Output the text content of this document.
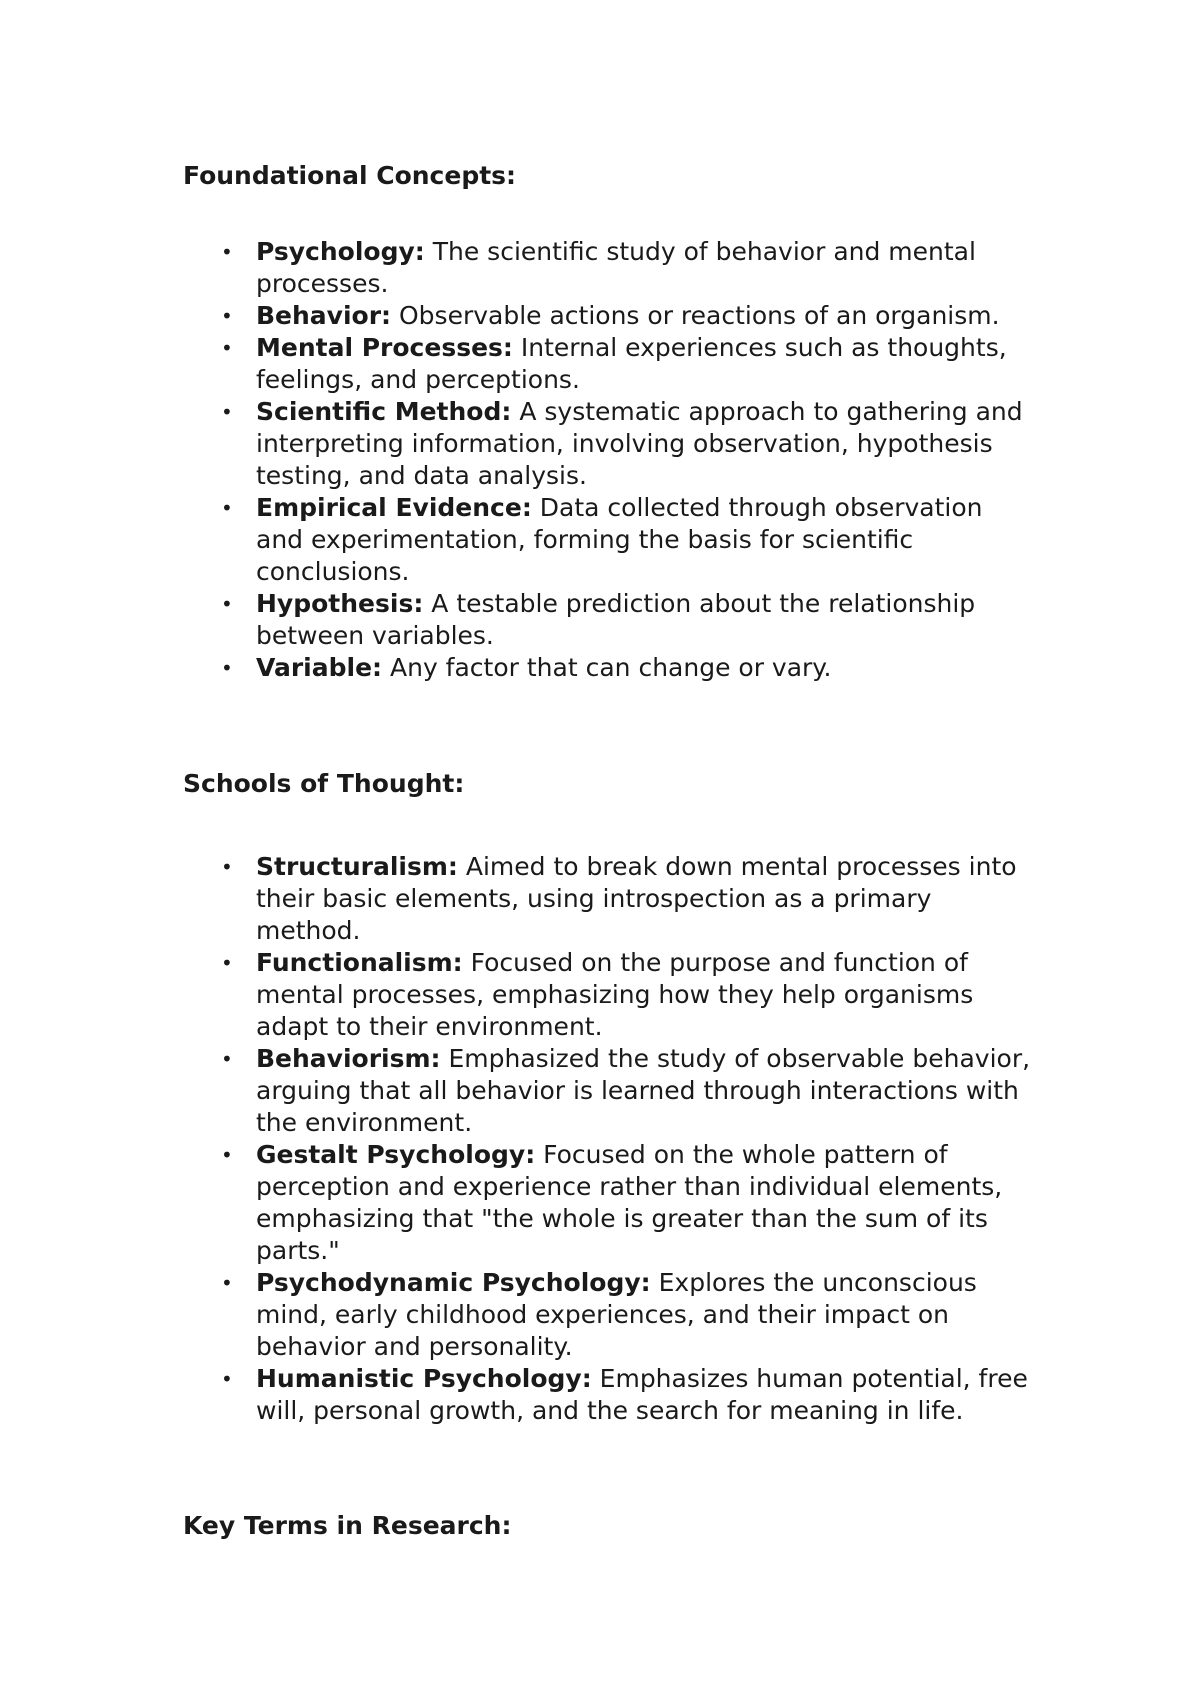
Foundational Concepts:
• Psychology: The scientific study of behavior and mental processes.
• Behavior: Observable actions or reactions of an organism.
• Mental Processes: Internal experiences such as thoughts, feelings, and perceptions.
• Scientific Method: A systematic approach to gathering and interpreting information, involving observation, hypothesis testing, and data analysis.
• Empirical Evidence: Data collected through observation and experimentation, forming the basis for scientific conclusions.
• Hypothesis: A testable prediction about the relationship between variables.
• Variable: Any factor that can change or vary.
Schools of Thought:
• Structuralism: Aimed to break down mental processes into their basic elements, using introspection as a primary method.
• Functionalism: Focused on the purpose and function of mental processes, emphasizing how they help organisms adapt to their environment.
• Behaviorism: Emphasized the study of observable behavior, arguing that all behavior is learned through interactions with the environment.
• Gestalt Psychology: Focused on the whole pattern of perception and experience rather than individual elements, emphasizing that "the whole is greater than the sum of its parts."
• Psychodynamic Psychology: Explores the unconscious mind, early childhood experiences, and their impact on behavior and personality.
• Humanistic Psychology: Emphasizes human potential, free will, personal growth, and the search for meaning in life.
Key Terms in Research:
